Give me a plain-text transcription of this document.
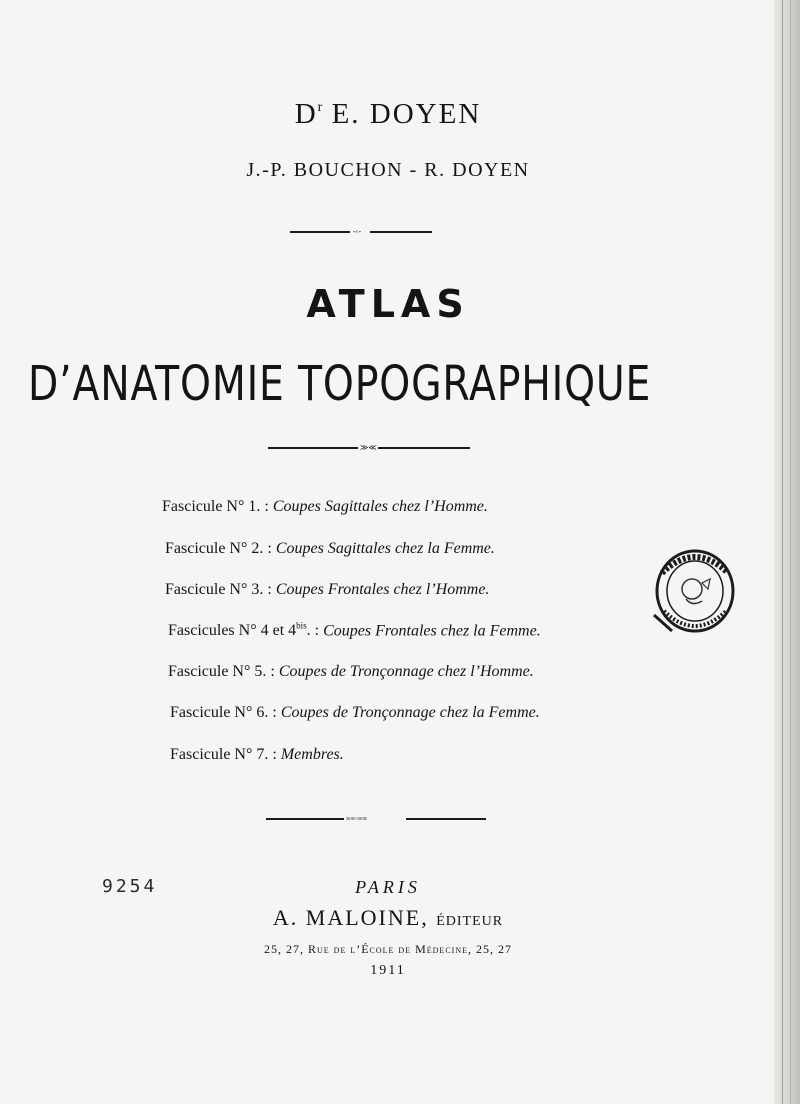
$D^r$ E. DOYEN
J.-P. BOUCHON - R. DOYEN
-◦-
ATLAS
D’ANATOMIE TOPOGRAPHIQUE
≫≪
Fascicule N° 1. : Coupes Sagittales chez l’Homme.
Fascicule N° 2. : Coupes Sagittales chez la Femme.
Fascicule N° 3. : Coupes Frontales chez l’Homme.
Fascicules N° 4 et $4^{bis}$. : Coupes Frontales chez la Femme.
Fascicule N° 5. : Coupes de Tronçonnage chez l’Homme.
Fascicule N° 6. : Coupes de Tronçonnage chez la Femme.
Fascicule N° 7. : Membres.
≡≡◦≡≡
9254	PARIS
A. MALOINE, ÉDITEUR
25, 27, Rue de l’École de Médecine, 25, 27
1911
